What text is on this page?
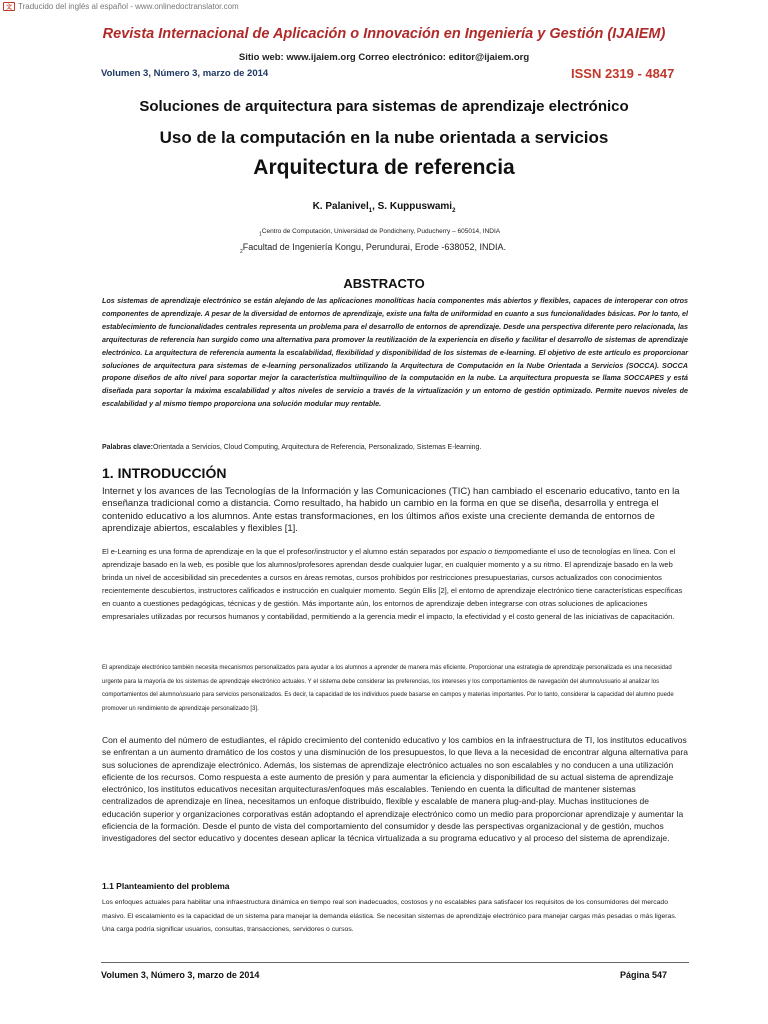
文 Traducido del inglés al español - www.onlinedoctranslator.com
Revista Internacional de Aplicación o Innovación en Ingeniería y Gestión (IJAIEM)
Sitio web: www.ijaiem.org Correo electrónico: editor@ijaiem.org
Volumen 3, Número 3, marzo de 2014	ISSN 2319 - 4847
Soluciones de arquitectura para sistemas de aprendizaje electrónico
Uso de la computación en la nube orientada a servicios
Arquitectura de referencia
K. Palanivel$_1$, S. Kuppuswami$_2$
$_1$Centro de Computación, Universidad de Pondicherry, Puducherry – 605014, INDIA
$_2$Facultad de Ingeniería Kongu, Perundurai, Erode -638052, INDIA.
ABSTRACTO
Los sistemas de aprendizaje electrónico se están alejando de las aplicaciones monolíticas hacia componentes más abiertos y flexibles, capaces de interoperar con otros componentes de aprendizaje. A pesar de la diversidad de entornos de aprendizaje, existe una falta de uniformidad en cuanto a sus funcionalidades básicas. Por lo tanto, el establecimiento de funcionalidades centrales representa un problema para el desarrollo de entornos de aprendizaje. Desde una perspectiva diferente pero relacionada, las arquitecturas de referencia han surgido como una alternativa para promover la reutilización de la experiencia en diseño y facilitar el desarrollo de sistemas de aprendizaje electrónico. La arquitectura de referencia aumenta la escalabilidad, flexibilidad y disponibilidad de los sistemas de e-learning. El objetivo de este artículo es proporcionar soluciones de arquitectura para sistemas de e-learning personalizados utilizando la Arquitectura de Computación en la Nube Orientada a Servicios (SOCCA). SOCCA propone diseños de alto nivel para soportar mejor la característica multiinquilino de la computación en la nube. La arquitectura propuesta se llama SOCCAPES y está diseñada para soportar la máxima escalabilidad y altos niveles de servicio a través de la virtualización y un entorno de gestión optimizado. Permite nuevos niveles de escalabilidad y al mismo tiempo proporciona una solución modular muy rentable.
Palabras clave:Orientada a Servicios, Cloud Computing, Arquitectura de Referencia, Personalizado, Sistemas E-learning.
1. INTRODUCCIÓN
Internet y los avances de las Tecnologías de la Información y las Comunicaciones (TIC) han cambiado el escenario educativo, tanto en la enseñanza tradicional como a distancia. Como resultado, ha habido un cambio en la forma en que se diseña, desarrolla y entrega el contenido educativo a los alumnos. Ante estas transformaciones, en los últimos años existe una creciente demanda de entornos de aprendizaje abiertos, escalables y flexibles [1].
El e-Learning es una forma de aprendizaje en la que el profesor/instructor y el alumno están separados por espacio o tiempomediante el uso de tecnologías en línea. Con el aprendizaje basado en la web, es posible que los alumnos/profesores aprendan desde cualquier lugar, en cualquier momento y a su ritmo. El aprendizaje basado en la web brinda un nivel de accesibilidad sin precedentes a cursos en áreas remotas, cursos prohibidos por restricciones presupuestarias, cursos actualizados con conocimientos recientemente descubiertos, instructores calificados e instrucción en cualquier momento. Según Ellis [2], el entorno de aprendizaje electrónico tiene características específicas en cuanto a cuestiones pedagógicas, técnicas y de gestión. Más importante aún, los entornos de aprendizaje deben integrarse con otras soluciones de aplicaciones empresariales utilizadas por recursos humanos y contabilidad, permitiendo a la gerencia medir el impacto, la efectividad y el costo general de las iniciativas de capacitación.
El aprendizaje electrónico también necesita mecanismos personalizados para ayudar a los alumnos a aprender de manera más eficiente. Proporcionar una estrategia de aprendizaje personalizada es una necesidad urgente para la mayoría de los sistemas de aprendizaje electrónico actuales. Y el sistema debe considerar las preferencias, los intereses y los comportamientos de navegación del alumno/usuario al analizar los comportamientos del alumno/usuario para servicios personalizados. Es decir, la capacidad de los individuos puede basarse en campos y materias importantes. Por lo tanto, considerar la capacidad del alumno puede promover un rendimiento de aprendizaje personalizado [3].
Con el aumento del número de estudiantes, el rápido crecimiento del contenido educativo y los cambios en la infraestructura de TI, los institutos educativos se enfrentan a un aumento dramático de los costos y una disminución de los presupuestos, lo que lleva a la necesidad de encontrar alguna alternativa para sus soluciones de aprendizaje electrónico. Además, los sistemas de aprendizaje electrónico actuales no son escalables y no conducen a una utilización eficiente de los recursos. Como respuesta a este aumento de presión y para aumentar la eficiencia y disponibilidad de su actual sistema de aprendizaje electrónico, los institutos educativos necesitan arquitecturas/enfoques más escalables. Teniendo en cuenta la dificultad de mantener sistemas centralizados de aprendizaje en línea, necesitamos un enfoque distribuido, flexible y escalable de manera plug-and-play. Muchas instituciones de educación superior y organizaciones corporativas están adoptando el aprendizaje electrónico como un medio para proporcionar aprendizaje y aumentar la eficiencia de la formación. Desde el punto de vista del comportamiento del consumidor y desde las perspectivas organizacional y de gestión, muchos investigadores del sector educativo y docentes desean aplicar la técnica virtualizada a su programa educativo y al proceso del sistema de aprendizaje.
1.1 Planteamiento del problema
Los enfoques actuales para habilitar una infraestructura dinámica en tiempo real son inadecuados, costosos y no escalables para satisfacer los requisitos de los consumidores del mercado masivo. El escalamiento es la capacidad de un sistema para manejar la demanda elástica. Se necesitan sistemas de aprendizaje electrónico para manejar cargas más pesadas o más ligeras. Una carga podría significar usuarios, consultas, transacciones, servidores o cursos.
Volumen 3, Número 3, marzo de 2014	Página 547
